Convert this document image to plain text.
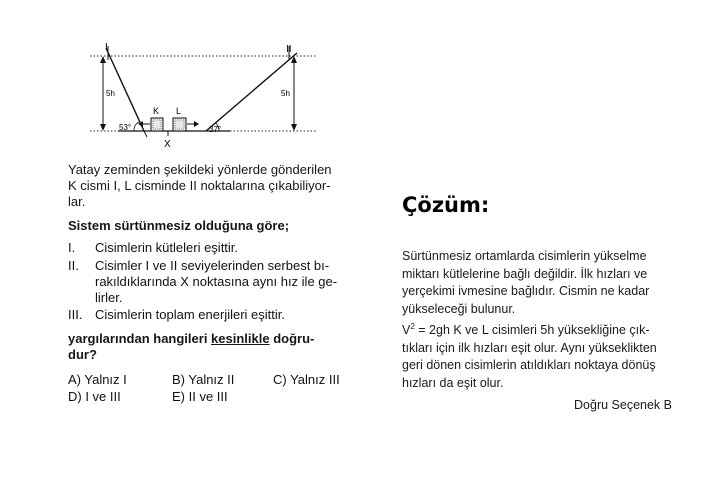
5h	5h
I
53°
II
37°
K L
X
Yatay zeminden şekildeki yönlerde gönderilen
K cismi I, L cisminde II noktalarına çıkabiliyor-
lar.
Sistem sürtünmesiz olduğuna göre;
I. Cisimlerin kütleleri eşittir.
II. Cisimler I ve II seviyelerinden serbest bı-
rakıldıklarında X noktasına aynı hız ile ge-
lirler.
III. Cisimlerin toplam enerjileri eşittir.
yargılarından hangileri kesinlikle doğru-
dur?
A) Yalnız I	B) Yalnız II	C) Yalnız III
D) I ve III	E) II ve III
Çözüm:
Sürtünmesiz ortamlarda cisimlerin yükselme
miktarı kütlelerine bağlı değildir. İlk hızları ve
yerçekimi ivmesine bağlıdır. Cismin ne kadar
yükseleceği bulunur.
$V^2 = 2gh$ K ve L cisimleri 5h yüksekliğine çık-
tıkları için ilk hızları eşit olur. Aynı yükseklikten
geri dönen cisimlerin atıldıkları noktaya dönüş
hızları da eşit olur.
Doğru Seçenek B
